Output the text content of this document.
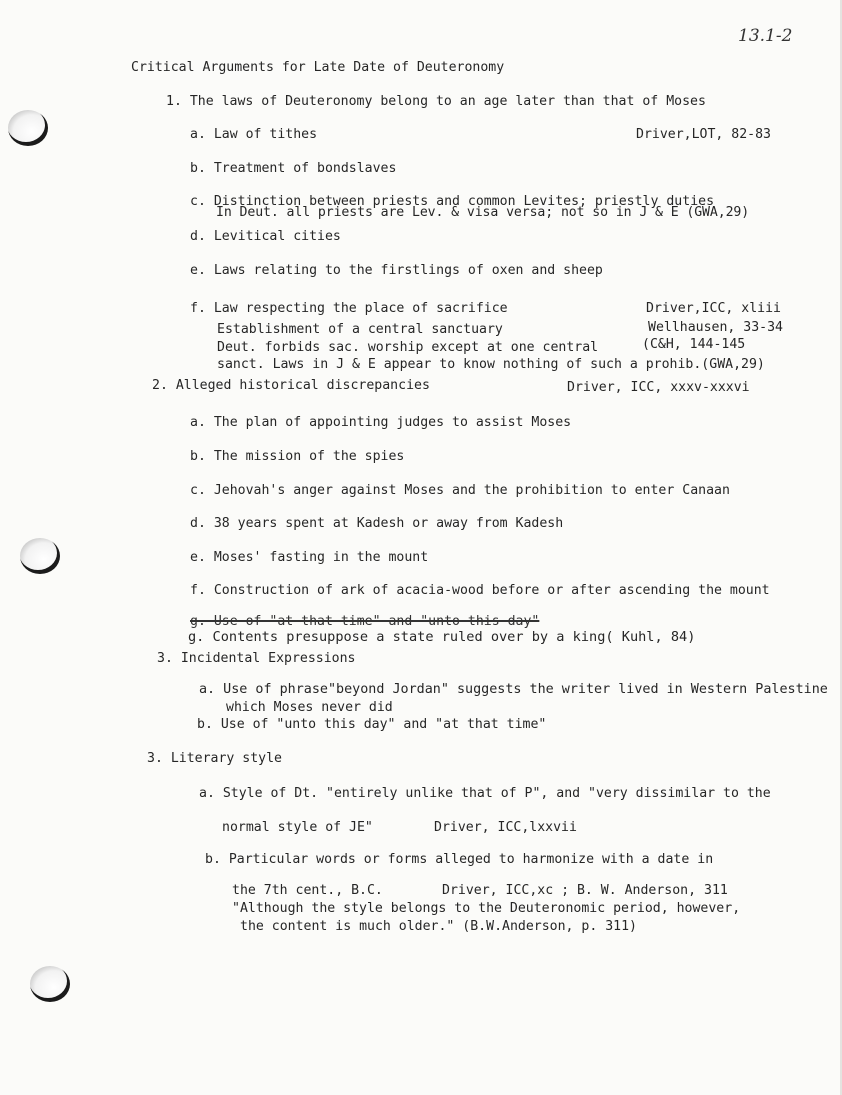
13.1-2
Critical Arguments for Late Date of Deuteronomy
1. The laws of Deuteronomy belong to an age later than that of Moses
a. Law of tithes	Driver,LOT, 82-83
b. Treatment of bondslaves
c. Distinction between priests and common Levites; priestly duties
In Deut. all priests are Lev. & visa versa; not so in J & E (GWA,29)
d. Levitical cities
e. Laws relating to the firstlings of oxen and sheep
f. Law respecting the place of sacrifice	Driver,ICC, xliii
Establishment of a central sanctuary	Wellhausen, 33-34
Deut. forbids sac. worship except at one central	(C&H, 144-145
sanct. Laws in J & E appear to know nothing of such a prohib.(GWA,29)
2. Alleged historical discrepancies	Driver, ICC, xxxv-xxxvi
a. The plan of appointing judges to assist Moses
b. The mission of the spies
c. Jehovah's anger against Moses and the prohibition to enter Canaan
d. 38 years spent at Kadesh or away from Kadesh
e. Moses' fasting in the mount
f. Construction of ark of acacia-wood before or after ascending the mount
g. Use of "at that time" and "unto this day"
g. Contents presuppose a state ruled over by a king( Kuhl, 84)
3. Incidental Expressions
a. Use of phrase"beyond Jordan" suggests the writer lived in Western Palestine
which Moses never did
b. Use of "unto this day" and "at that time"
3. Literary style
a. Style of Dt. "entirely unlike that of P", and "very dissimilar to the
normal style of JE"	Driver, ICC,lxxvii
b. Particular words or forms alleged to harmonize with a date in
the 7th cent., B.C.	Driver, ICC,xc ; B. W. Anderson, 311
"Although the style belongs to the Deuteronomic period, however,
the content is much older." (B.W.Anderson, p. 311)
